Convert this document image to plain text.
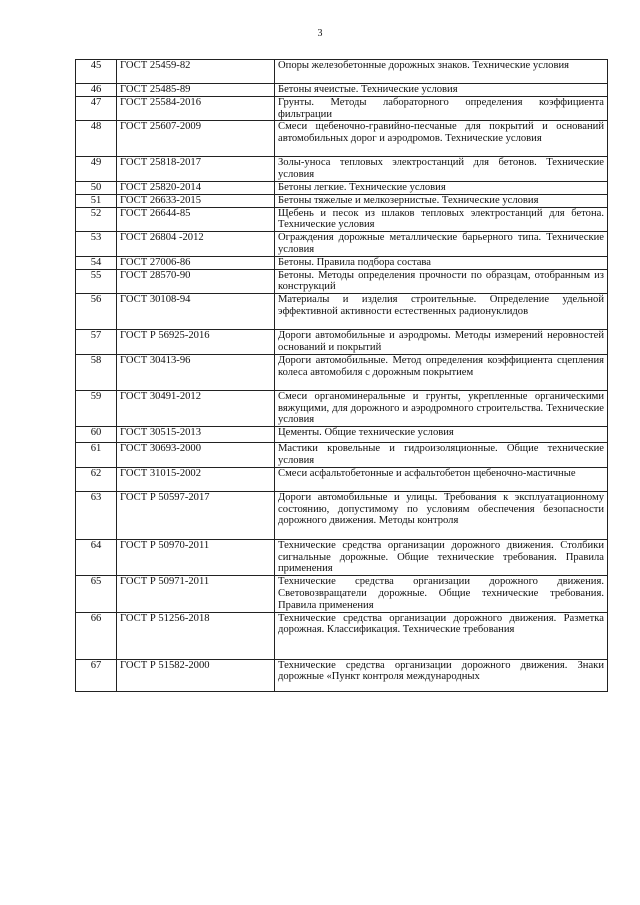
3
45	ГОСТ 25459-82	Опоры железобетонные дорожных знаков. Технические условия
46	ГОСТ 25485-89	Бетоны ячеистые. Технические условия
47	ГОСТ 25584-2016	Грунты. Методы лабораторного определения коэффициента фильтрации
48	ГОСТ 25607-2009	Смеси щебеночно-гравийно-песчаные для покрытий и оснований автомобильных дорог и аэродромов. Технические условия
49	ГОСТ 25818-2017	Золы-уноса тепловых электростанций для бетонов. Технические условия
50	ГОСТ 25820-2014	Бетоны легкие. Технические условия
51	ГОСТ 26633-2015	Бетоны тяжелые и мелкозернистые. Технические условия
52	ГОСТ 26644-85	Щебень и песок из шлаков тепловых электростанций для бетона. Технические условия
53	ГОСТ 26804 -2012	Ограждения дорожные металлические барьерного типа. Технические условия
54	ГОСТ 27006-86	Бетоны. Правила подбора состава
55	ГОСТ 28570-90	Бетоны. Методы определения прочности по образцам, отобранным из конструкций
56	ГОСТ 30108-94	Материалы и изделия строительные. Определение удельной эффективной активности естественных радионуклидов
57	ГОСТ Р 56925-2016	Дороги автомобильные и аэродромы. Методы измерений неровностей оснований и покрытий
58	ГОСТ 30413-96	Дороги автомобильные. Метод определения коэффициента сцепления колеса автомобиля с дорожным покрытием
59	ГОСТ 30491-2012	Смеси органоминеральные и грунты, укрепленные органическими вяжущими, для дорожного и аэродромного строительства. Технические условия
60	ГОСТ 30515-2013	Цементы. Общие технические условия
61	ГОСТ 30693-2000	Мастики кровельные и гидроизоляционные. Общие технические условия
62	ГОСТ 31015-2002	Смеси асфальтобетонные и асфальтобетон щебеночно-мастичные
63	ГОСТ Р 50597-2017	Дороги автомобильные и улицы. Требования к эксплуатационному состоянию, допустимому по условиям обеспечения безопасности дорожного движения. Методы контроля
64	ГОСТ Р 50970-2011	Технические средства организации дорожного движения. Столбики сигнальные дорожные. Общие технические требования. Правила применения
65	ГОСТ Р 50971-2011	Технические средства организации дорожного движения. Световозвращатели дорожные. Общие технические требования. Правила применения
66	ГОСТ Р 51256-2018	Технические средства организации дорожного движения. Разметка дорожная. Классификация. Технические требования
67	ГОСТ Р 51582-2000	Технические средства организации дорожного движения. Знаки дорожные «Пункт контроля международных
